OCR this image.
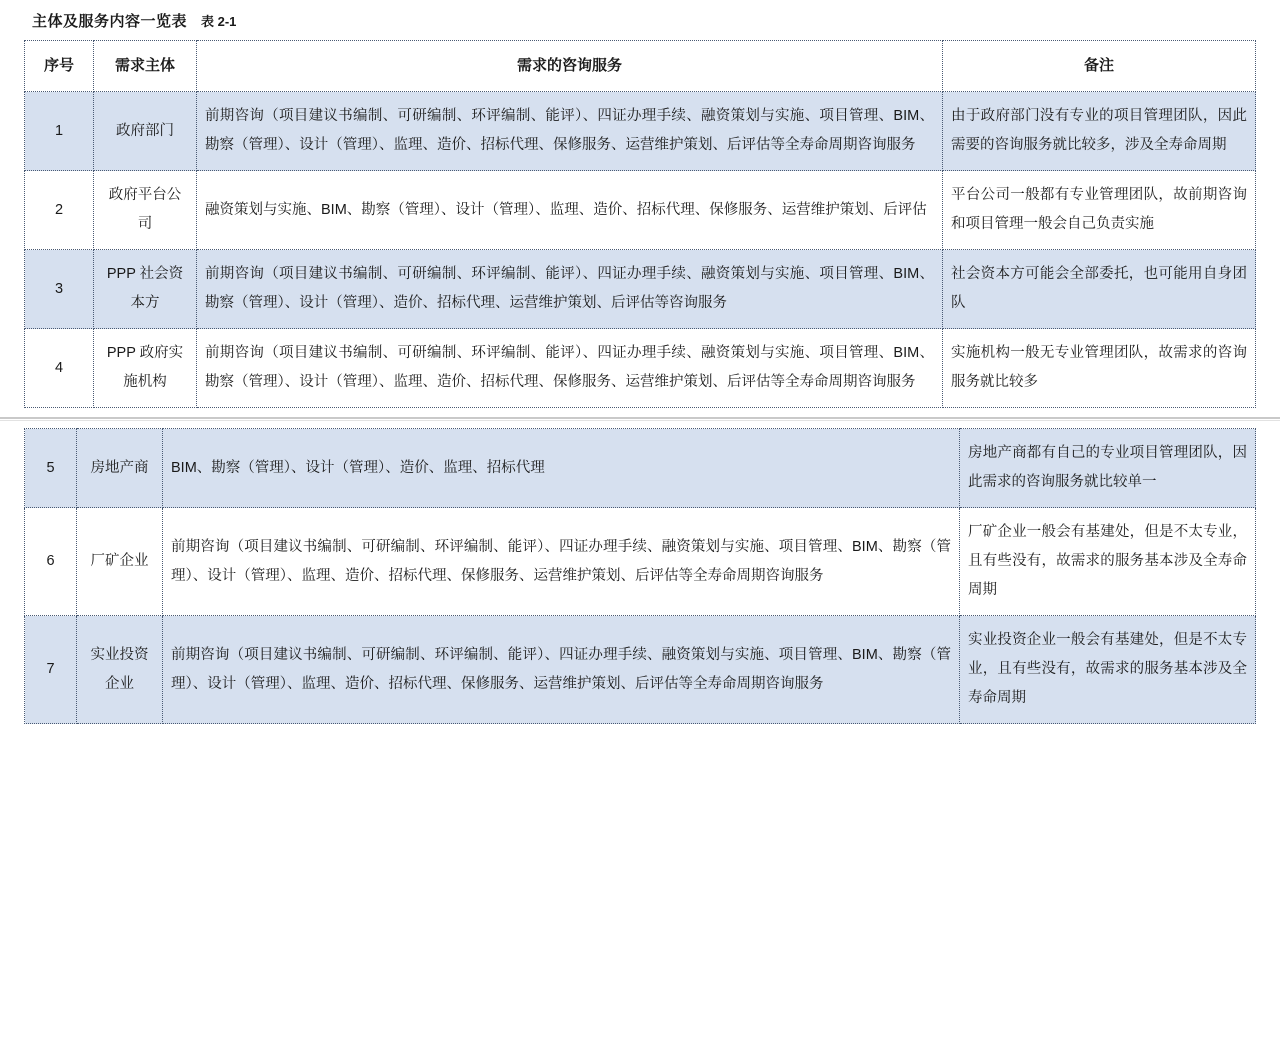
主体及服务内容一览表 表 2-1
序号	需求主体	需求的咨询服务	备注
1	政府部门	前期咨询（项目建议书编制、可研编制、环评编制、能评）、四证办理手续、融资策划与实施、项目管理、BIM、勘察（管理）、设计（管理）、监理、造价、招标代理、保修服务、运营维护策划、后评估等全寿命周期咨询服务	由于政府部门没有专业的项目管理团队，因此需要的咨询服务就比较多，涉及全寿命周期
2	政府平台公司	融资策划与实施、BIM、勘察（管理）、设计（管理）、监理、造价、招标代理、保修服务、运营维护策划、后评估	平台公司一般都有专业管理团队，故前期咨询和项目管理一般会自己负责实施
3	PPP 社会资本方	前期咨询（项目建议书编制、可研编制、环评编制、能评）、四证办理手续、融资策划与实施、项目管理、BIM、勘察（管理）、设计（管理）、造价、招标代理、运营维护策划、后评估等咨询服务	社会资本方可能会全部委托，也可能用自身团队
4	PPP 政府实施机构	前期咨询（项目建议书编制、可研编制、环评编制、能评）、四证办理手续、融资策划与实施、项目管理、BIM、勘察（管理）、设计（管理）、监理、造价、招标代理、保修服务、运营维护策划、后评估等全寿命周期咨询服务	实施机构一般无专业管理团队，故需求的咨询服务就比较多
5	房地产商	BIM、勘察（管理）、设计（管理）、造价、监理、招标代理	房地产商都有自己的专业项目管理团队，因此需求的咨询服务就比较单一
6	厂矿企业	前期咨询（项目建议书编制、可研编制、环评编制、能评）、四证办理手续、融资策划与实施、项目管理、BIM、勘察（管理）、设计（管理）、监理、造价、招标代理、保修服务、运营维护策划、后评估等全寿命周期咨询服务	厂矿企业一般会有基建处，但是不太专业，且有些没有，故需求的服务基本涉及全寿命周期
7	实业投资企业	前期咨询（项目建议书编制、可研编制、环评编制、能评）、四证办理手续、融资策划与实施、项目管理、BIM、勘察（管理）、设计（管理）、监理、造价、招标代理、保修服务、运营维护策划、后评估等全寿命周期咨询服务	实业投资企业一般会有基建处，但是不太专业，且有些没有，故需求的服务基本涉及全寿命周期
